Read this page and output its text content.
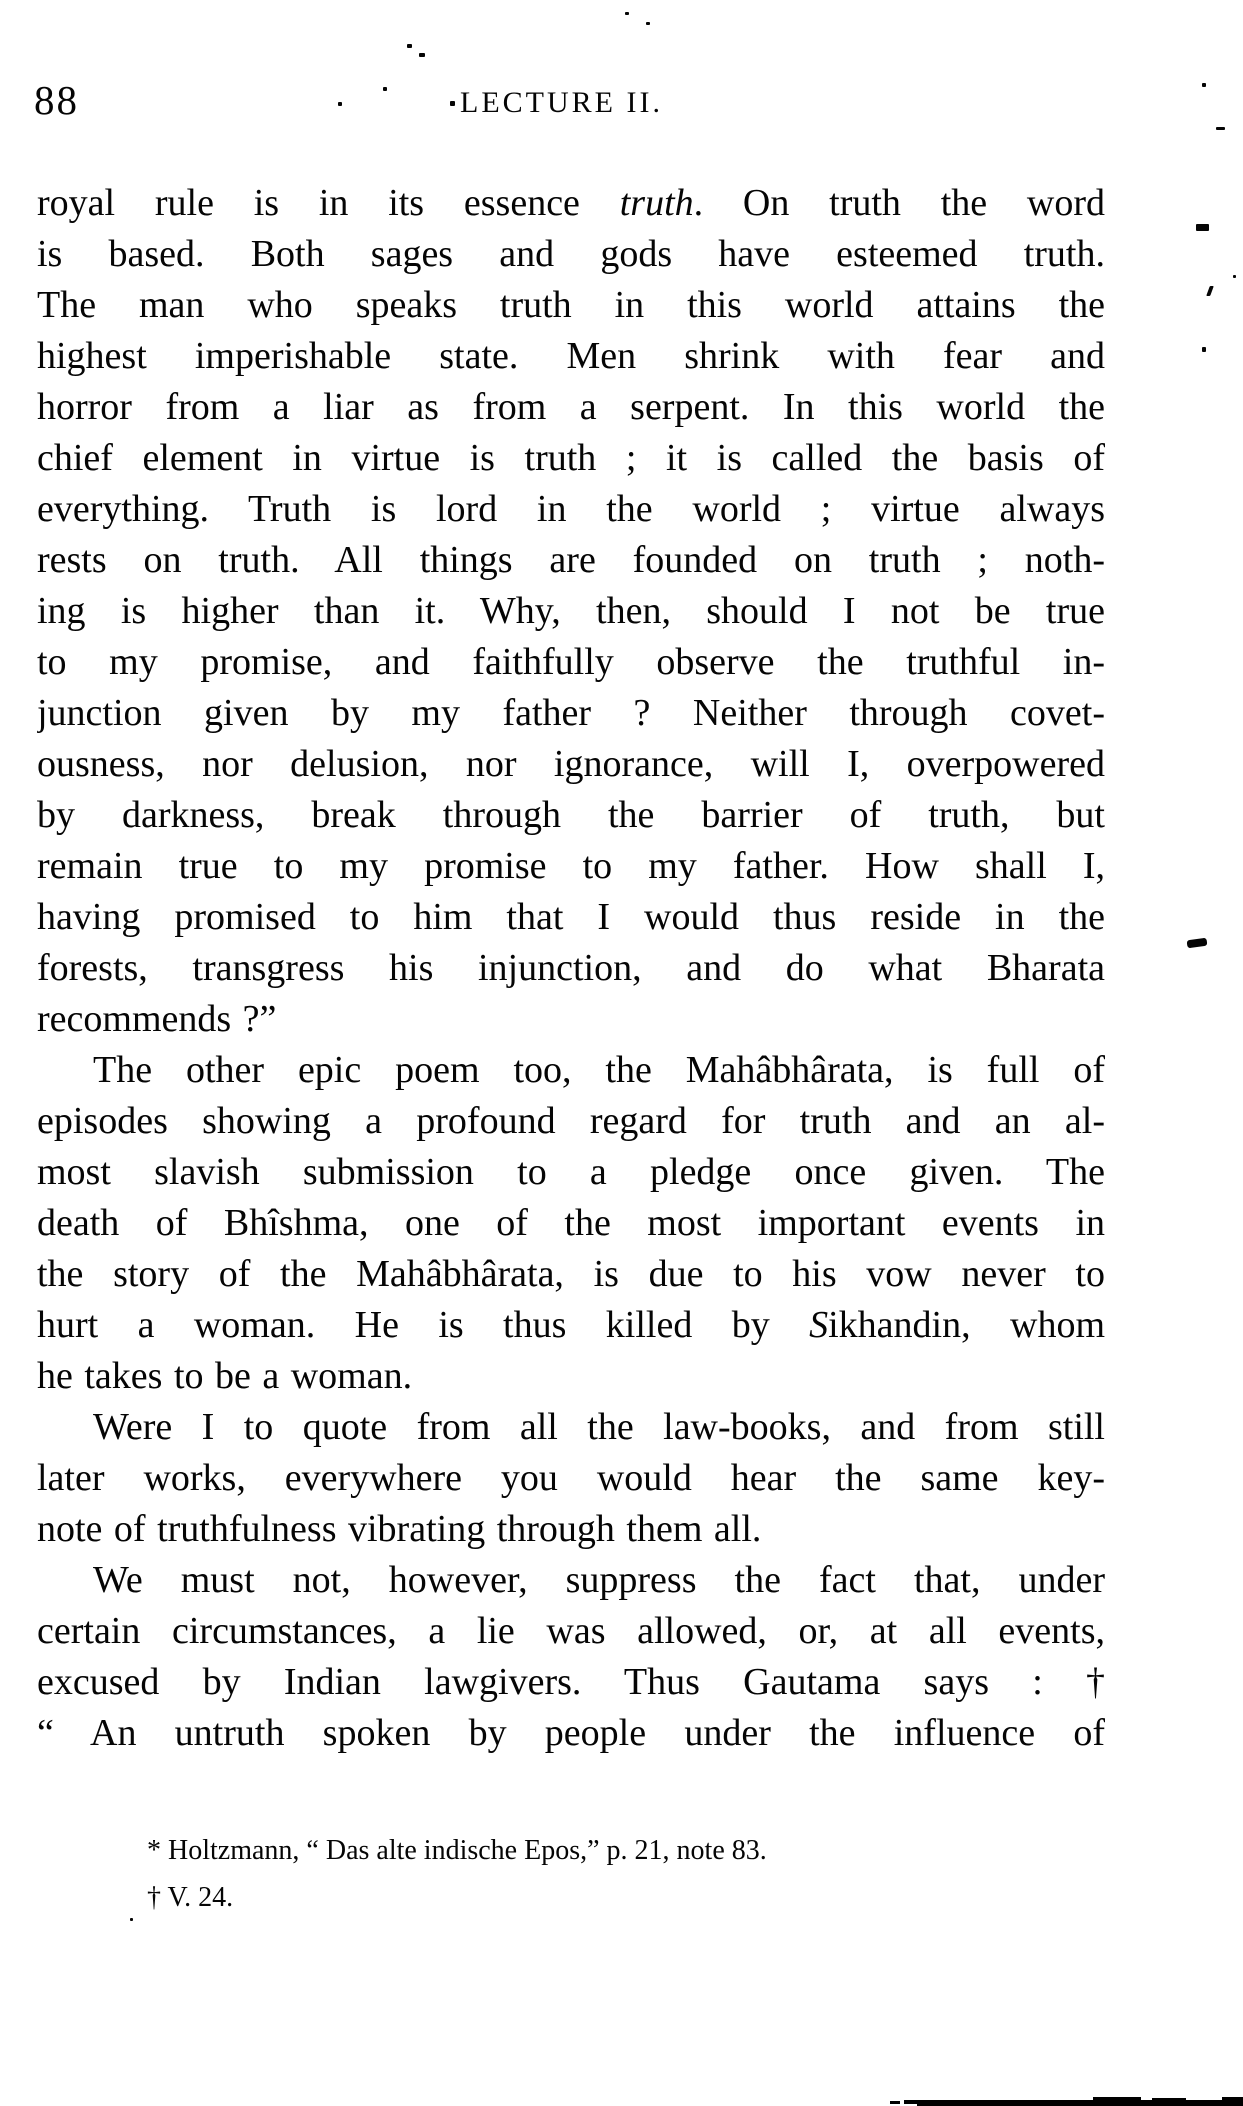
88	LECTURE II.
royal rule is in its essence truth. On truth the word
is based. Both sages and gods have esteemed truth.
The man who speaks truth in this world attains the
highest imperishable state. Men shrink with fear and
horror from a liar as from a serpent. In this world the
chief element in virtue is truth ; it is called the basis of
everything. Truth is lord in the world ; virtue always
rests on truth. All things are founded on truth ; noth-
ing is higher than it. Why, then, should I not be true
to my promise, and faithfully observe the truthful in-
junction given by my father ? Neither through covet-
ousness, nor delusion, nor ignorance, will I, overpowered
by darkness, break through the barrier of truth, but
remain true to my promise to my father. How shall I,
having promised to him that I would thus reside in the
forests, transgress his injunction, and do what Bharata
recommends ?”
The other epic poem too, the Mahâbhârata, is full of
episodes showing a profound regard for truth and an al-
most slavish submission to a pledge once given. The
death of Bhîshma, one of the most important events in
the story of the Mahâbhârata, is due to his vow never to
hurt a woman. He is thus killed by Sikhandin, whom
he takes to be a woman.
Were I to quote from all the law-books, and from still
later works, everywhere you would hear the same key-
note of truthfulness vibrating through them all.
We must not, however, suppress the fact that, under
certain circumstances, a lie was allowed, or, at all events,
excused by Indian lawgivers. Thus Gautama says : †
“ An untruth spoken by people under the influence of
* Holtzmann, “ Das alte indische Epos,” p. 21, note 83.
† V. 24.
